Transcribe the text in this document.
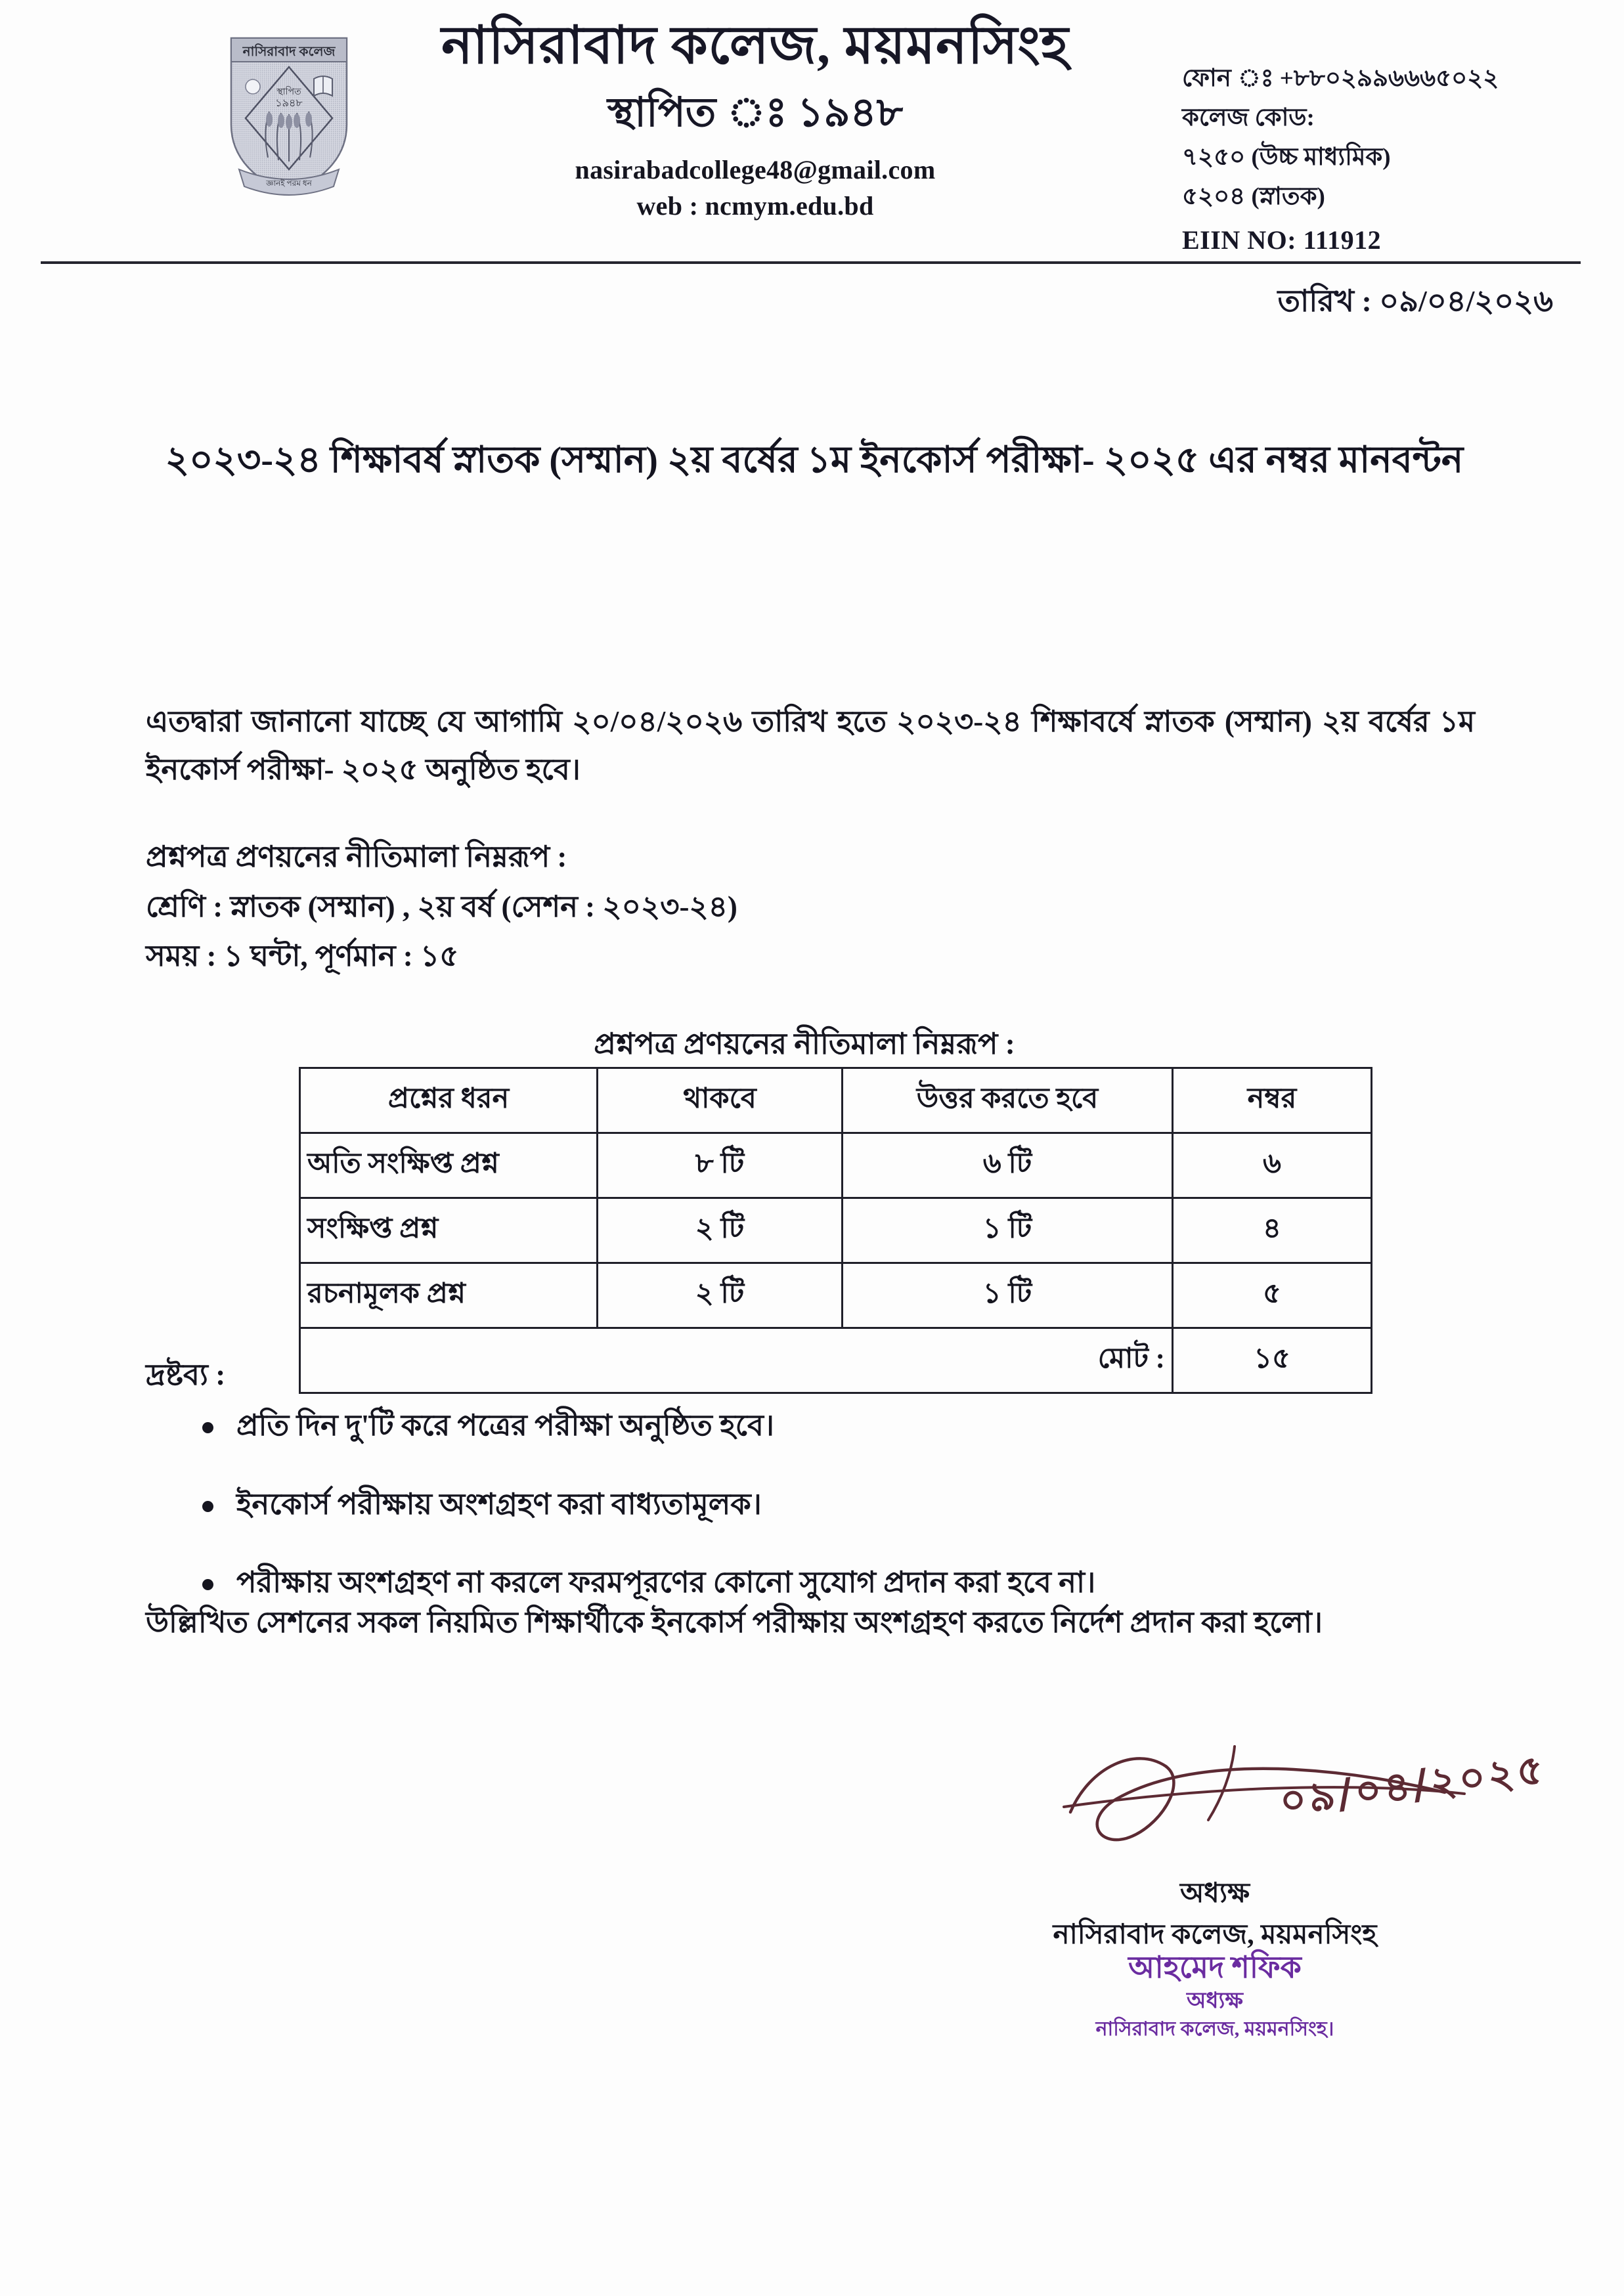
নাসিরাবাদ কলেজ
স্থাপিত
১৯৪৮
জ্ঞানই পরম ধন
নাসিরাবাদ কলেজ, ময়মনসিংহ
স্থাপিত ঃ ১৯৪৮
nasirabadcollege48@gmail.com
web : ncmym.edu.bd
ফোন ঃ +৮৮০২৯৯৬৬৬৫০২২
কলেজ কোড:
৭২৫০ (উচ্চ মাধ্যমিক)
৫২০৪ (স্নাতক)
EIIN NO: 111912
তারিখ : ০৯/০৪/২০২৬
২০২৩-২৪ শিক্ষাবর্ষ স্নাতক (সম্মান) ২য় বর্ষের ১ম ইনকোর্স পরীক্ষা- ২০২৫ এর নম্বর মানবন্টন
এতদ্বারা জানানো যাচ্ছে যে আগামি ২০/০৪/২০২৬ তারিখ হতে ২০২৩-২৪ শিক্ষাবর্ষে স্নাতক (সম্মান) ২য় বর্ষের ১ম ইনকোর্স পরীক্ষা- ২০২৫ অনুষ্ঠিত হবে।
প্রশ্নপত্র প্রণয়নের নীতিমালা নিম্নরূপ :
শ্রেণি : স্নাতক (সম্মান) , ২য় বর্ষ (সেশন : ২০২৩-২৪)
সময় : ১ ঘন্টা, পূর্ণমান : ১৫
প্রশ্নপত্র প্রণয়নের নীতিমালা নিম্নরূপ :
প্রশ্নের ধরন	থাকবে	উত্তর করতে হবে	নম্বর
অতি সংক্ষিপ্ত প্রশ্ন	৮ টি	৬ টি	৬
সংক্ষিপ্ত প্রশ্ন	২ টি	১ টি	৪
রচনামূলক প্রশ্ন	২ টি	১ টি	৫
মোট :			১৫
দ্রষ্টব্য :
প্রতি দিন দু'টি করে পত্রের পরীক্ষা অনুষ্ঠিত হবে।
ইনকোর্স পরীক্ষায় অংশগ্রহণ করা বাধ্যতামূলক।
পরীক্ষায় অংশগ্রহণ না করলে ফরমপূরণের কোনো সুযোগ প্রদান করা হবে না।
উল্লিখিত সেশনের সকল নিয়মিত শিক্ষার্থীকে ইনকোর্স পরীক্ষায় অংশগ্রহণ করতে নির্দেশ প্রদান করা হলো।
০৯/০৪/২০২৫
অধ্যক্ষ
নাসিরাবাদ কলেজ, ময়মনসিংহ
আহমেদ শফিক
অধ্যক্ষ
নাসিরাবাদ কলেজ, ময়মনসিংহ।
